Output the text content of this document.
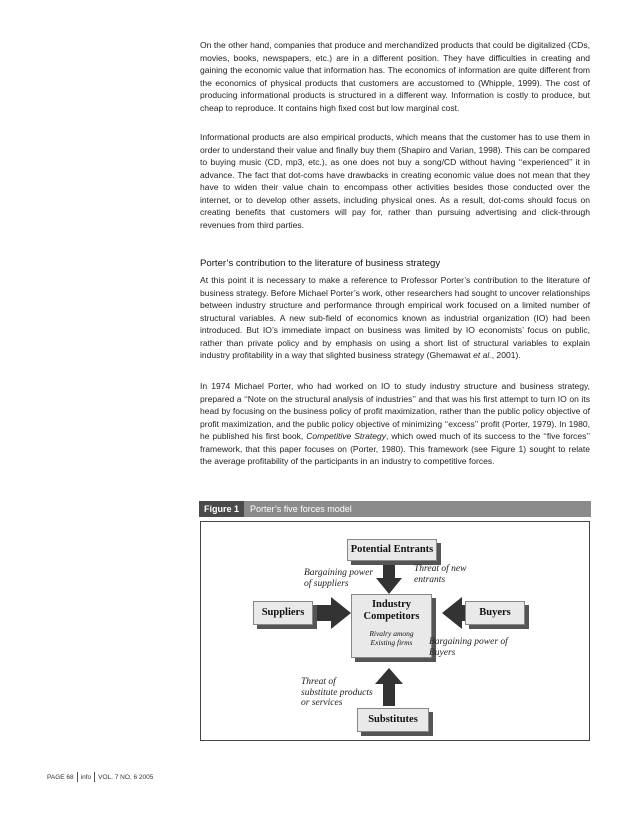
On the other hand, companies that produce and merchandized products that could be digitalized (CDs, movies, books, newspapers, etc.) are in a different position. They have difficulties in creating and gaining the economic value that information has. The economics of information are quite different from the economics of physical products that customers are accustomed to (Whipple, 1999). The cost of producing informational products is structured in a different way. Information is costly to produce, but cheap to reproduce. It contains high fixed cost but low marginal cost.
Informational products are also empirical products, which means that the customer has to use them in order to understand their value and finally buy them (Shapiro and Varian, 1998). This can be compared to buying music (CD, mp3, etc.), as one does not buy a song/CD without having ‘‘experienced’’ it in advance. The fact that dot-coms have drawbacks in creating economic value does not mean that they have to widen their value chain to encompass other activities besides those conducted over the internet, or to develop other assets, including physical ones. As a result, dot-coms should focus on creating benefits that customers will pay for, rather than pursuing advertising and click-through revenues from third parties.
Porter’s contribution to the literature of business strategy
At this point it is necessary to make a reference to Professor Porter’s contribution to the literature of business strategy. Before Michael Porter’s work, other researchers had sought to uncover relationships between industry structure and performance through empirical work focused on a limited number of structural variables. A new sub-field of economics known as industrial organization (IO) had been introduced. But IO’s immediate impact on business was limited by IO economists’ focus on public, rather than private policy and by emphasis on using a short list of structural variables to explain industry profitability in a way that slighted business strategy (Ghemawat et al., 2001).
In 1974 Michael Porter, who had worked on IO to study industry structure and business strategy, prepared a ‘‘Note on the structural analysis of industries’’ and that was his first attempt to turn IO on its head by focusing on the business policy of profit maximization, rather than the public policy objective of profit maximization, and the public policy objective of minimizing ‘‘excess’’ profit (Porter, 1979). In 1980, he published his first book, Competitive Strategy, which owed much of its success to the ‘‘five forces’’ framework, that this paper focuses on (Porter, 1980). This framework (see Figure 1) sought to relate the average profitability of the participants in an industry to competitive forces.
Figure 1	Porter’s five forces model
Potential Entrants
Industry
Competitors
Rivalry among
Existing firms
Suppliers	Buyers
Substitutes
Bargaining power
of suppliers
Threat of new
entrants
Bargaining power of
Buyers
Threat of
substitute products
or services
PAGE 68 info VOL. 7 NO. 6 2005
